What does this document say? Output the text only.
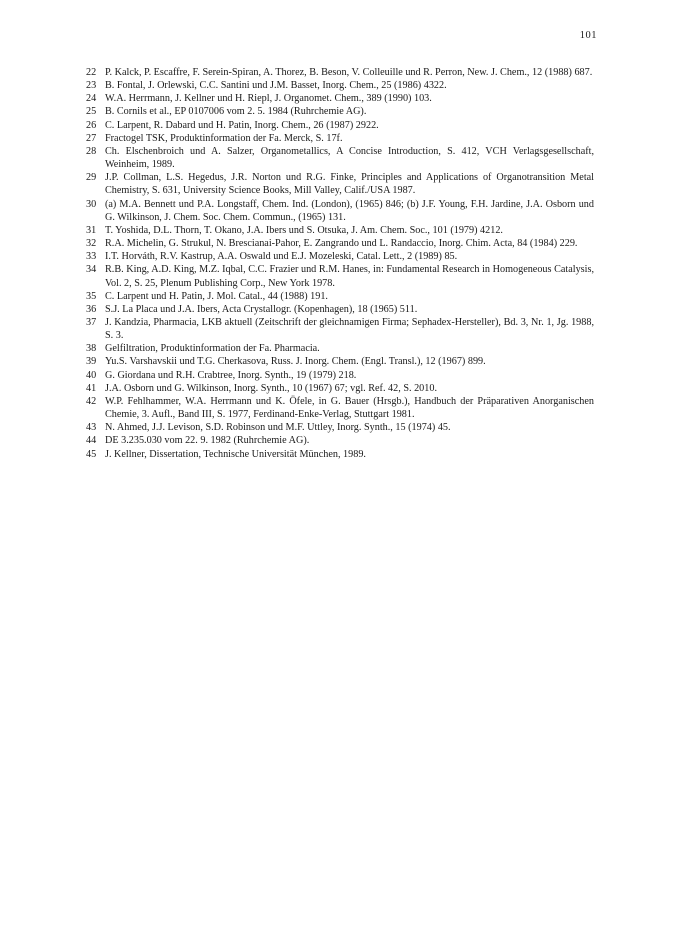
101
22 P. Kalck, P. Escaffre, F. Serein-Spiran, A. Thorez, B. Beson, V. Colleuille und R. Perron, New. J. Chem., 12 (1988) 687.
23 B. Fontal, J. Orlewski, C.C. Santini und J.M. Basset, Inorg. Chem., 25 (1986) 4322.
24 W.A. Herrmann, J. Kellner und H. Riepl, J. Organomet. Chem., 389 (1990) 103.
25 B. Cornils et al., EP 0107006 vom 2. 5. 1984 (Ruhrchemie AG).
26 C. Larpent, R. Dabard und H. Patin, Inorg. Chem., 26 (1987) 2922.
27 Fractogel TSK, Produktinformation der Fa. Merck, S. 17f.
28 Ch. Elschenbroich und A. Salzer, Organometallics, A Concise Introduction, S. 412, VCH Verlagsgesellschaft, Weinheim, 1989.
29 J.P. Collman, L.S. Hegedus, J.R. Norton und R.G. Finke, Principles and Applications of Organotransition Metal Chemistry, S. 631, University Science Books, Mill Valley, Calif./USA 1987.
30 (a) M.A. Bennett und P.A. Longstaff, Chem. Ind. (London), (1965) 846; (b) J.F. Young, F.H. Jardine, J.A. Osborn und G. Wilkinson, J. Chem. Soc. Chem. Commun., (1965) 131.
31 T. Yoshida, D.L. Thorn, T. Okano, J.A. Ibers und S. Otsuka, J. Am. Chem. Soc., 101 (1979) 4212.
32 R.A. Michelin, G. Strukul, N. Brescianai-Pahor, E. Zangrando und L. Randaccio, Inorg. Chim. Acta, 84 (1984) 229.
33 I.T. Horváth, R.V. Kastrup, A.A. Oswald und E.J. Mozeleski, Catal. Lett., 2 (1989) 85.
34 R.B. King, A.D. King, M.Z. Iqbal, C.C. Frazier und R.M. Hanes, in: Fundamental Research in Homogeneous Catalysis, Vol. 2, S. 25, Plenum Publishing Corp., New York 1978.
35 C. Larpent und H. Patin, J. Mol. Catal., 44 (1988) 191.
36 S.J. La Placa und J.A. Ibers, Acta Crystallogr. (Kopenhagen), 18 (1965) 511.
37 J. Kandzia, Pharmacia, LKB aktuell (Zeitschrift der gleichnamigen Firma; Sephadex-Hersteller), Bd. 3, Nr. 1, Jg. 1988, S. 3.
38 Gelfiltration, Produktinformation der Fa. Pharmacia.
39 Yu.S. Varshavskii und T.G. Cherkasova, Russ. J. Inorg. Chem. (Engl. Transl.), 12 (1967) 899.
40 G. Giordana und R.H. Crabtree, Inorg. Synth., 19 (1979) 218.
41 J.A. Osborn und G. Wilkinson, Inorg. Synth., 10 (1967) 67; vgl. Ref. 42, S. 2010.
42 W.P. Fehlhammer, W.A. Herrmann und K. Öfele, in G. Bauer (Hrsgb.), Handbuch der Präparativen Anorganischen Chemie, 3. Aufl., Band III, S. 1977, Ferdinand-Enke-Verlag, Stuttgart 1981.
43 N. Ahmed, J.J. Levison, S.D. Robinson und M.F. Uttley, Inorg. Synth., 15 (1974) 45.
44 DE 3.235.030 vom 22. 9. 1982 (Ruhrchemie AG).
45 J. Kellner, Dissertation, Technische Universität München, 1989.
